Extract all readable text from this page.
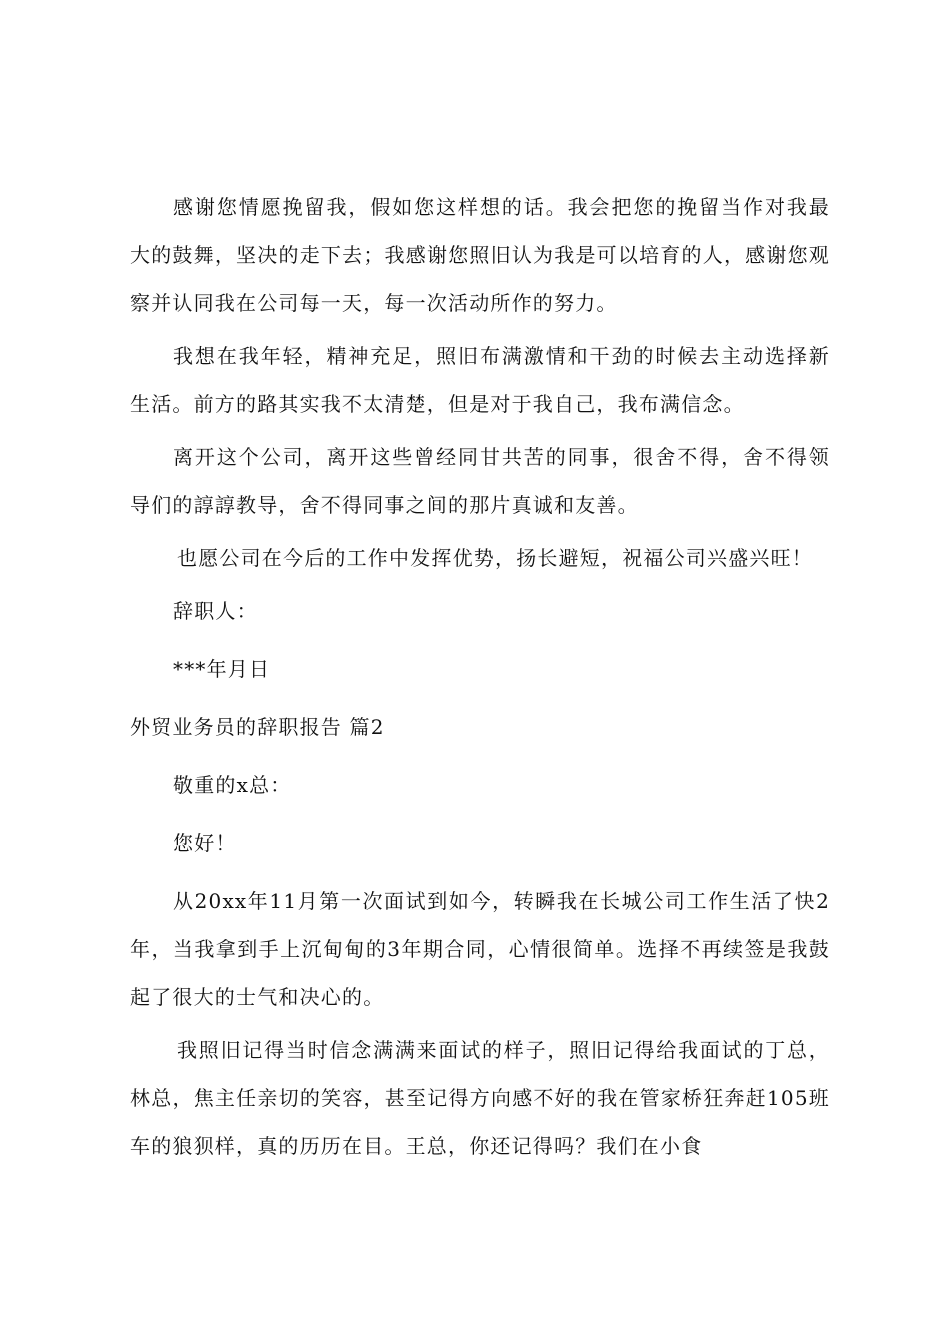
感谢您情愿挽留我，假如您这样想的话。我会把您的挽留当作对我最大的鼓舞，坚决的走下去；我感谢您照旧认为我是可以培育的人，感谢您观察并认同我在公司每一天，每一次活动所作的努力。

我想在我年轻，精神充足，照旧布满激情和干劲的时候去主动选择新生活。前方的路其实我不太清楚，但是对于我自己，我布满信念。

离开这个公司，离开这些曾经同甘共苦的同事，很舍不得，舍不得领导们的諄諄教导，舍不得同事之间的那片真诚和友善。

也愿公司在今后的工作中发挥优势，扬长避短，祝福公司兴盛兴旺！

辞职人：

***年月日

外贸业务员的辞职报告 篇2

敬重的x总：

您好！

从20xx年11月第一次面试到如今，转瞬我在长城公司工作生活了快2年，当我拿到手上沉甸甸的3年期合同，心情很简单。选择不再续签是我鼓起了很大的士气和决心的。

我照旧记得当时信念满满来面试的样子，照旧记得给我面试的丁总，林总，焦主任亲切的笑容，甚至记得方向感不好的我在管家桥狂奔赶105班车的狼狈样，真的历历在目。王总，你还记得吗？我们在小食
